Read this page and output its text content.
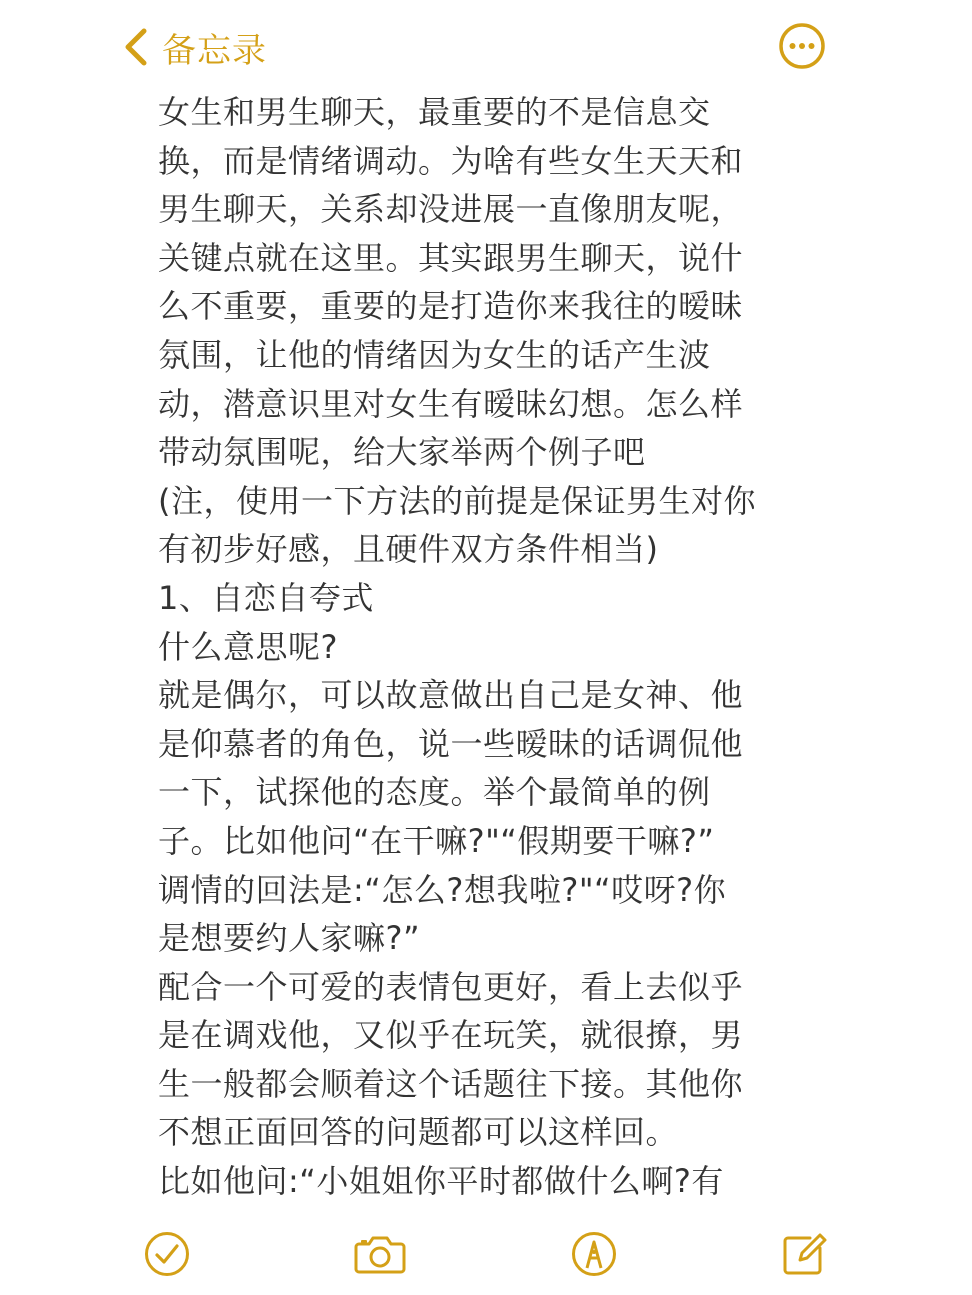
备忘录
女生和男生聊天，最重要的不是信息交
换，而是情绪调动。为啥有些女生天天和
男生聊天，关系却没进展一直像朋友呢，
关键点就在这里。其实跟男生聊天，说什
么不重要，重要的是打造你来我往的暧昧
氛围，让他的情绪因为女生的话产生波
动，潜意识里对女生有暧昧幻想。怎么样
带动氛围呢，给大家举两个例子吧
(注，使用一下方法的前提是保证男生对你
有初步好感，且硬件双方条件相当)
1、自恋自夸式
什么意思呢?
就是偶尔，可以故意做出自己是女神、他
是仰慕者的角色，说一些暧昧的话调侃他
一下，试探他的态度。举个最简单的例
子。比如他问“在干嘛?"“假期要干嘛?”
调情的回法是:“怎么?想我啦?"“哎呀?你
是想要约人家嘛?”
配合一个可爱的表情包更好，看上去似乎
是在调戏他，又似乎在玩笑，就很撩，男
生一般都会顺着这个话题往下接。其他你
不想正面回答的问题都可以这样回。
比如他问:“小姐姐你平时都做什么啊?有
